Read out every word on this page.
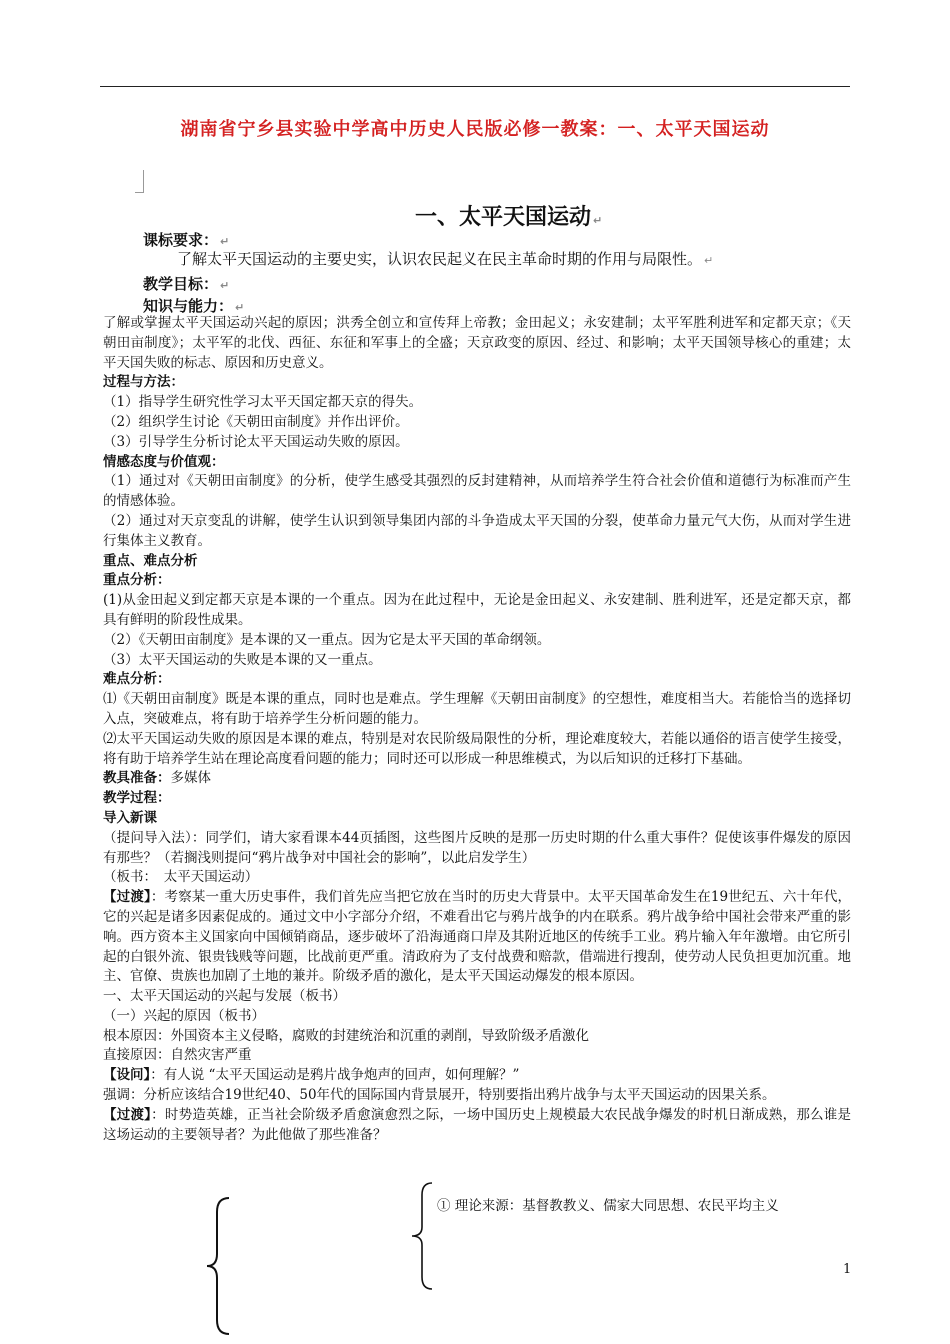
湖南省宁乡县实验中学高中历史人民版必修一教案：一、太平天国运动
一、太平天国运动 ↵
课标要求： ↵
了解太平天国运动的主要史实，认识农民起义在民主革命时期的作用与局限性。 ↵
教学目标： ↵
知识与能力： ↵

了解或掌握太平天国运动兴起的原因；洪秀全创立和宣传拜上帝教；金田起义；永安建制；太平军胜利进军和定都天京；《天朝田亩制度》；太平军的北伐、西征、东征和军事上的全盛；天京政变的原因、经过、和影响；太平天国领导核心的重建；太平天国失败的标志、原因和历史意义。

过程与方法：

（1）指导学生研究性学习太平天国定都天京的得失。

（2）组织学生讨论《天朝田亩制度》并作出评价。

（3）引导学生分析讨论太平天国运动失败的原因。

情感态度与价值观：

（1）通过对《天朝田亩制度》的分析，使学生感受其强烈的反封建精神，从而培养学生符合社会价值和道德行为标准而产生的情感体验。

（2）通过对天京变乱的讲解，使学生认识到领导集团内部的斗争造成太平天国的分裂，使革命力量元气大伤，从而对学生进行集体主义教育。

重点、难点分析

重点分析：

(1)从金田起义到定都天京是本课的一个重点。因为在此过程中，无论是金田起义、永安建制、胜利进军，还是定都天京，都具有鲜明的阶段性成果。

（2）《天朝田亩制度》是本课的又一重点。因为它是太平天国的革命纲领。

（3）太平天国运动的失败是本课的又一重点。

难点分析：

⑴《天朝田亩制度》既是本课的重点，同时也是难点。学生理解《天朝田亩制度》的空想性，难度相当大。若能恰当的选择切入点，突破难点，将有助于培养学生分析问题的能力。

⑵太平天国运动失败的原因是本课的难点，特别是对农民阶级局限性的分析，理论难度较大，若能以通俗的语言使学生接受，将有助于培养学生站在理论高度看问题的能力；同时还可以形成一种思维模式，为以后知识的迁移打下基础。

教具准备：多媒体

教学过程：

导入新课

（提问导入法）：同学们，请大家看课本44页插图，这些图片反映的是那一历史时期的什么重大事件？促使该事件爆发的原因有那些？（若搁浅则提问“鸦片战争对中国社会的影响”，以此启发学生）

（板书：　太平天国运动）

【过渡】：考察某一重大历史事件，我们首先应当把它放在当时的历史大背景中。太平天国革命发生在19世纪五、六十年代，它的兴起是诸多因素促成的。通过文中小字部分介绍，不难看出它与鸦片战争的内在联系。鸦片战争给中国社会带来严重的影响。西方资本主义国家向中国倾销商品，逐步破坏了沿海通商口岸及其附近地区的传统手工业。鸦片输入年年激增。由它所引起的白银外流、银贵钱贱等问题，比战前更严重。清政府为了支付战费和赔款，借端进行搜刮，使劳动人民负担更加沉重。地主、官僚、贵族也加剧了土地的兼并。阶级矛盾的激化，是太平天国运动爆发的根本原因。

一、太平天国运动的兴起与发展（板书）

（一）兴起的原因（板书）

根本原因：外国资本主义侵略，腐败的封建统治和沉重的剥削，导致阶级矛盾激化

直接原因：自然灾害严重

【设问】：有人说 “太平天国运动是鸦片战争炮声的回声，如何理解？”

强调：分析应该结合19世纪40、50年代的国际国内背景展开，特别要指出鸦片战争与太平天国运动的因果关系。

【过渡】：时势造英雄，正当社会阶级矛盾愈演愈烈之际，一场中国历史上规模最大农民战争爆发的时机日渐成熟，那么谁是这场运动的主要领导者？为此他做了那些准备？

① 理论来源：基督教教义、儒家大同思想、农民平均主义
1
